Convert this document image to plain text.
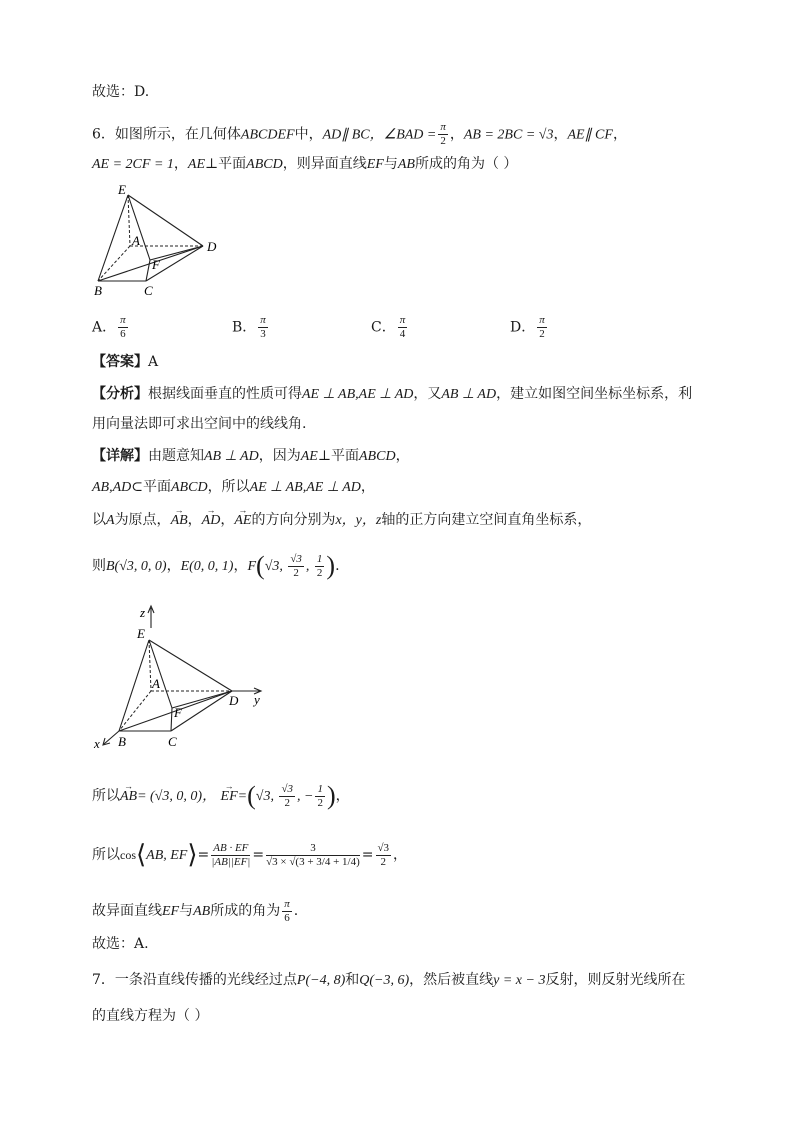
故选：D.
6．如图所示，在几何体ABCDEF中，AD∥ BC，∠BAD = $\frac{\pi}{2}$ ，AB = 2BC = √3，AE∥ CF，
AE = 2CF = 1，AE⊥平面ABCD，则异面直线EF与AB所成的角为（ ）
E
A	D
F
B	C
A． $\frac{\pi}{6}$	B． $\frac{\pi}{3}$	C． $\frac{\pi}{4}$	D． $\frac{\pi}{2}$
【答案】A
【分析】根据线面垂直的性质可得AE ⊥ AB,AE ⊥ AD，又AB ⊥ AD，建立如图空间坐标坐标系，利
用向量法即可求出空间中的线线角.
【详解】由题意知AB ⊥ AD，因为AE⊥平面ABCD，
AB,AD⊂平面ABCD，所以AE ⊥ AB,AE ⊥ AD，
以A为原点，→ AB，→ AD，→ AE的方向分别为x，y，z轴的正方向建立空间直角坐标系，
则B(√3, 0, 0)，E(0, 0, 1)，F(√3, $\frac{√3}{2}$ , $\frac{1}{2}$ ).
z
E
A
D y
F
x B	C
所以→ AB= (√3, 0, 0)， → EF=(√3, $\frac{√3}{2}$ , − $\frac{1}{2}$ )，
所以cos⟨AB, EF⟩= $\frac{AB \cdot EF}{|AB||EF|} = \frac{3}{√3 \times √(3 + 3/4 + 1/4)} = \frac{√3}{2}$ ，
故异面直线EF与AB所成的角为 $\frac{\pi}{6}$ .
故选：A.
7．一条沿直线传播的光线经过点P(−4, 8)和Q(−3, 6)，然后被直线y = x − 3反射，则反射光线所在
的直线方程为（ ）
